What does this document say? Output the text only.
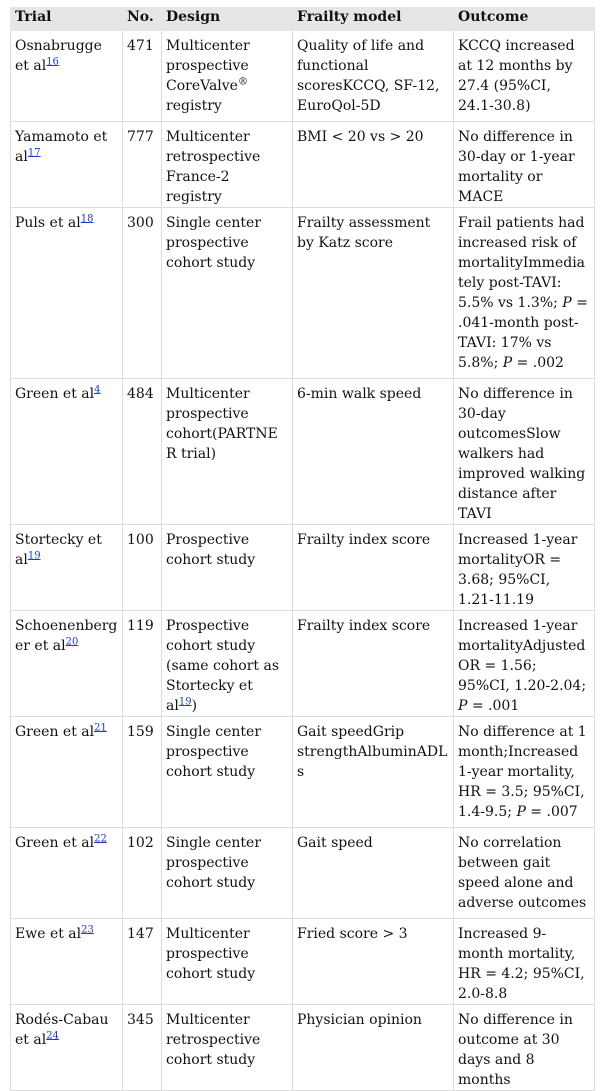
Trial	No.	Design	Frailty model	Outcome
Osnabrugge et al$^{16}$	471	Multicenter prospective CoreValve® registry	Quality of life and functional scoresKCCQ, SF-12, EuroQol-5D	KCCQ increased at 12 months by 27.4 (95%CI, 24.1-30.8)
Yamamoto et al$^{17}$	777	Multicenter retrospective France-2 registry	BMI < 20 vs > 20	No difference in 30-day or 1-year mortality or MACE
Puls et al$^{18}$	300	Single center prospective cohort study	Frailty assessment by Katz score	Frail patients had increased risk of mortalityImmediately post-TAVI: 5.5% vs 1.3%; P = .041-month post-TAVI: 17% vs 5.8%; P = .002
Green et al$^4$	484	Multicenter prospective cohort(PARTNER trial)	6-min walk speed	No difference in 30-day outcomesSlow walkers had improved walking distance after TAVI
Stortecky et al$^{19}$	100	Prospective cohort study	Frailty index score	Increased 1-year mortalityOR = 3.68; 95%CI, 1.21-11.19
Schoenenberger et al$^{20}$	119	Prospective cohort study (same cohort as Stortecky et al$^{19}$)	Frailty index score	Increased 1-year mortalityAdjusted OR = 1.56; 95%CI, 1.20-2.04; P = .001
Green et al$^{21}$	159	Single center prospective cohort study	Gait speedGrip strengthAlbuminADLs	No difference at 1 month;Increased 1-year mortality, HR = 3.5; 95%CI, 1.4-9.5; P = .007
Green et al$^{22}$	102	Single center prospective cohort study	Gait speed	No correlation between gait speed alone and adverse outcomes
Ewe et al$^{23}$	147	Multicenter prospective cohort study	Fried score > 3	Increased 9-month mortality, HR = 4.2; 95%CI, 2.0-8.8
Rodés-Cabau et al$^{24}$	345	Multicenter retrospective cohort study	Physician opinion	No difference in outcome at 30 days and 8 months
